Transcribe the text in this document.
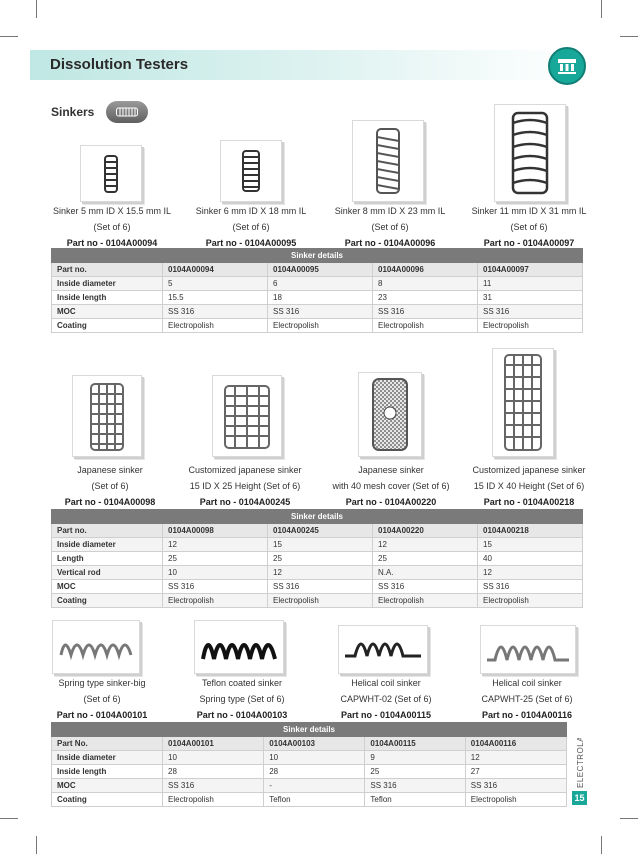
Dissolution Testers
Sinkers
Sinker 5 mm ID X 15.5 mm IL
(Set of 6)
Part no - 0104A00094
Sinker 6 mm ID X 18 mm IL
(Set of 6)
Part no - 0104A00095
Sinker 8 mm ID X 23 mm IL
(Set of 6)
Part no - 0104A00096
Sinker 11 mm ID X 31 mm IL
(Set of 6)
Part no - 0104A00097
Sinker details				
Part no.	0104A00094	0104A00095	0104A00096	0104A00097
Inside diameter	5	6	8	11
Inside length	15.5	18	23	31
MOC	SS 316	SS 316	SS 316	SS 316
Coating	Electropolish	Electropolish	Electropolish	Electropolish
Japanese sinker
(Set of 6)
Part no - 0104A00098
Customized japanese sinker
15 ID X 25 Height (Set of 6)
Part no - 0104A00245
Japanese sinker
with 40 mesh cover (Set of 6)
Part no - 0104A00220
Customized japanese sinker
15 ID X 40 Height (Set of 6)
Part no - 0104A00218
Sinker details				
Part no.	0104A00098	0104A00245	0104A00220	0104A00218
Inside diameter	12	15	12	15
Length	25	25	25	40
Vertical rod	10	12	N.A.	12
MOC	SS 316	SS 316	SS 316	SS 316
Coating	Electropolish	Electropolish	Electropolish	Electropolish
Spring type sinker-big
(Set of 6)
Part no - 0104A00101
Teflon coated sinker
Spring type (Set of 6)
Part no - 0104A00103
Helical coil sinker
CAPWHT-02 (Set of 6)
Part no - 0104A00115
Helical coil sinker
CAPWHT-25 (Set of 6)
Part no - 0104A00116
Sinker details				
Part No.	0104A00101	0104A00103	0104A00115	0104A00116
Inside diameter	10	10	9	12
Inside length	28	28	25	27
MOC	SS 316	-	SS 316	SS 316
Coating	Electropolish	Teflon	Teflon	Electropolish
ELECTROLAB
15
